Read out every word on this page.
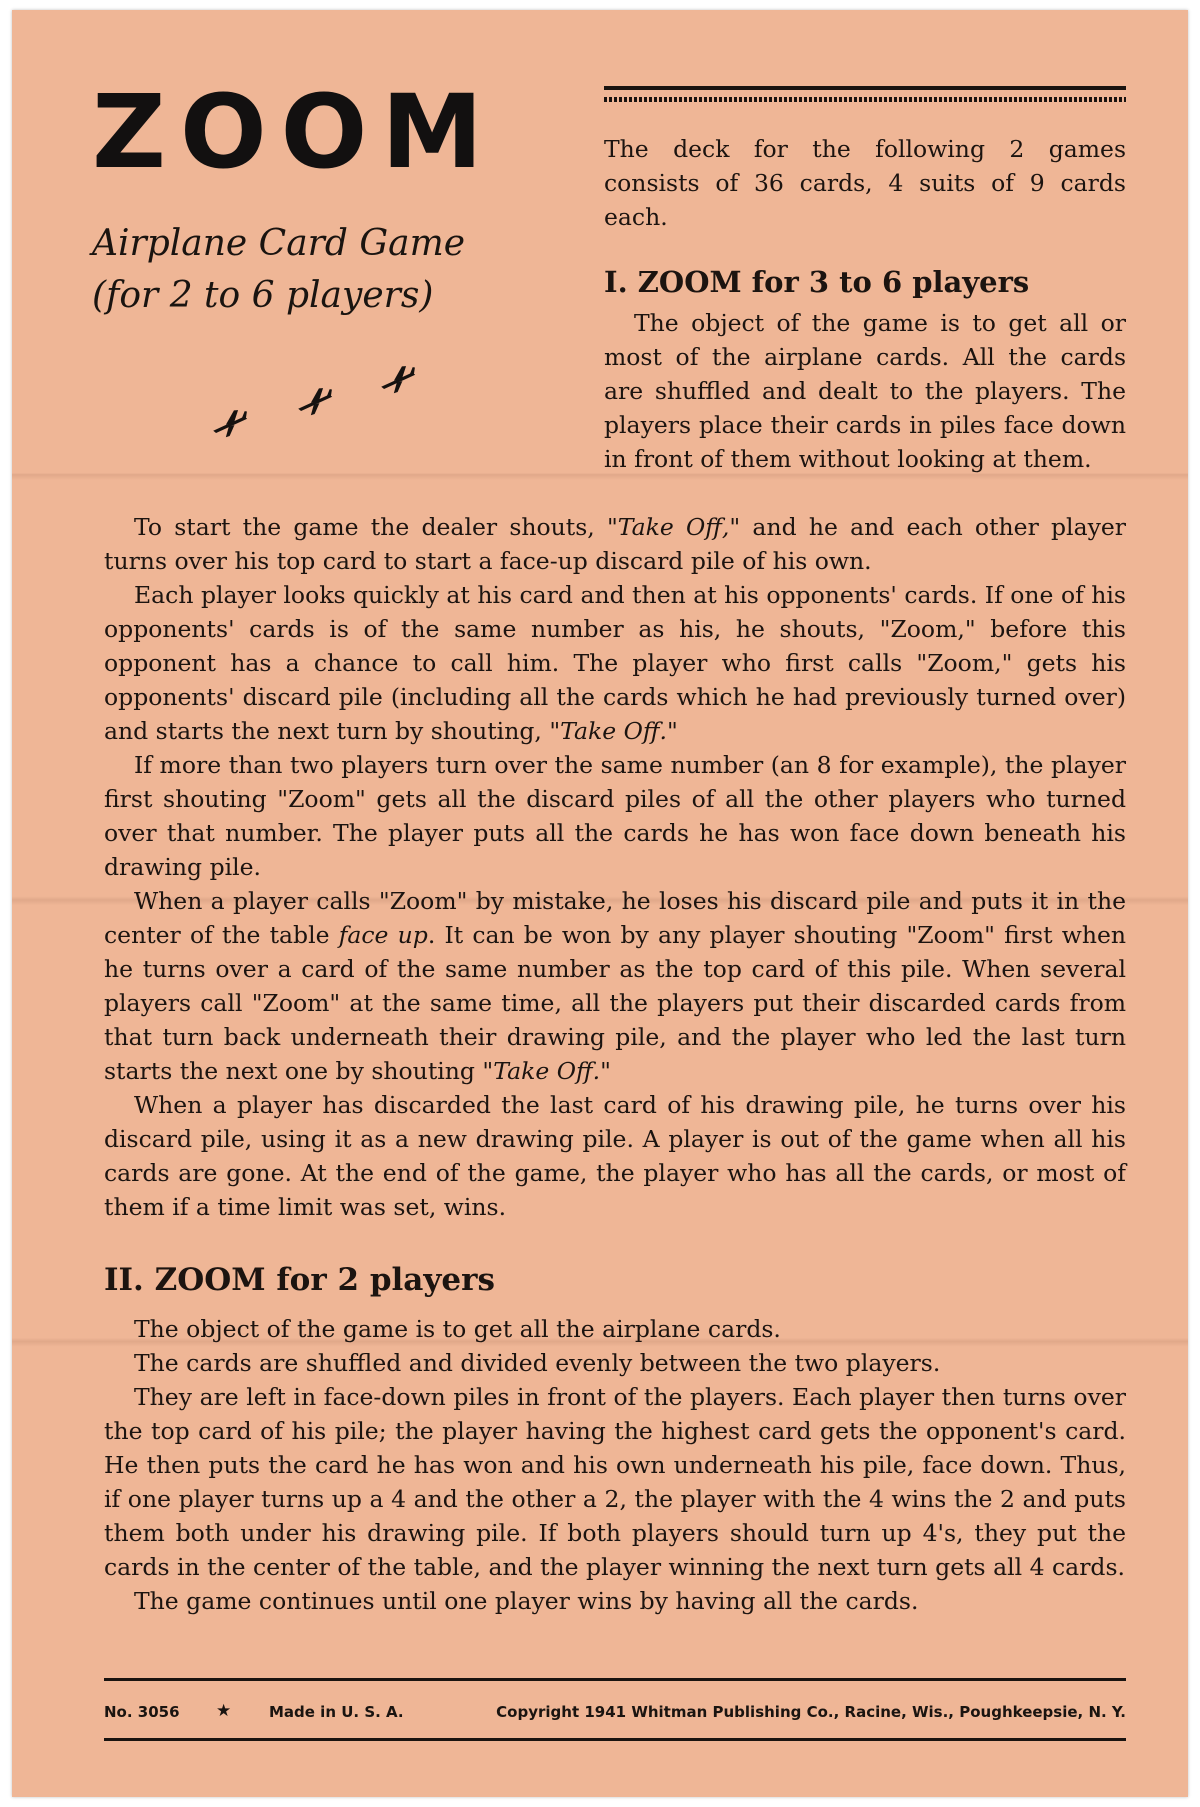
ZOOM
Airplane Card Game
(for 2 to 6 players)

The deck for the following 2 games consists of 36 cards, 4 suits of 9 cards each.

I. ZOOM for 3 to 6 players

The object of the game is to get all or most of the airplane cards. All the cards are shuffled and dealt to the players. The players place their cards in piles face down in front of them without looking at them.

To start the game the dealer shouts, "Take Off," and he and each other player turns over his top card to start a face-up discard pile of his own.

Each player looks quickly at his card and then at his opponents' cards. If one of his opponents' cards is of the same number as his, he shouts, "Zoom," before this opponent has a chance to call him. The player who first calls "Zoom," gets his opponents' discard pile (including all the cards which he had previously turned over) and starts the next turn by shouting, "Take Off."

If more than two players turn over the same number (an 8 for example), the player first shouting "Zoom" gets all the discard piles of all the other players who turned over that number. The player puts all the cards he has won face down beneath his drawing pile.

When a player calls "Zoom" by mistake, he loses his discard pile and puts it in the center of the table face up. It can be won by any player shouting "Zoom" first when he turns over a card of the same number as the top card of this pile. When several players call "Zoom" at the same time, all the players put their discarded cards from that turn back underneath their drawing pile, and the player who led the last turn starts the next one by shouting "Take Off."

When a player has discarded the last card of his drawing pile, he turns over his discard pile, using it as a new drawing pile. A player is out of the game when all his cards are gone. At the end of the game, the player who has all the cards, or most of them if a time limit was set, wins.

II. ZOOM for 2 players

The object of the game is to get all the airplane cards.

The cards are shuffled and divided evenly between the two players.

They are left in face-down piles in front of the players. Each player then turns over the top card of his pile; the player having the highest card gets the opponent's card. He then puts the card he has won and his own underneath his pile, face down. Thus, if one player turns up a 4 and the other a 2, the player with the 4 wins the 2 and puts them both under his drawing pile. If both players should turn up 4's, they put the cards in the center of the table, and the player winning the next turn gets all 4 cards.

The game continues until one player wins by having all the cards.

No. 3056 ★	Made in U. S. A.	Copyright 1941 Whitman Publishing Co., Racine, Wis., Poughkeepsie, N. Y.
